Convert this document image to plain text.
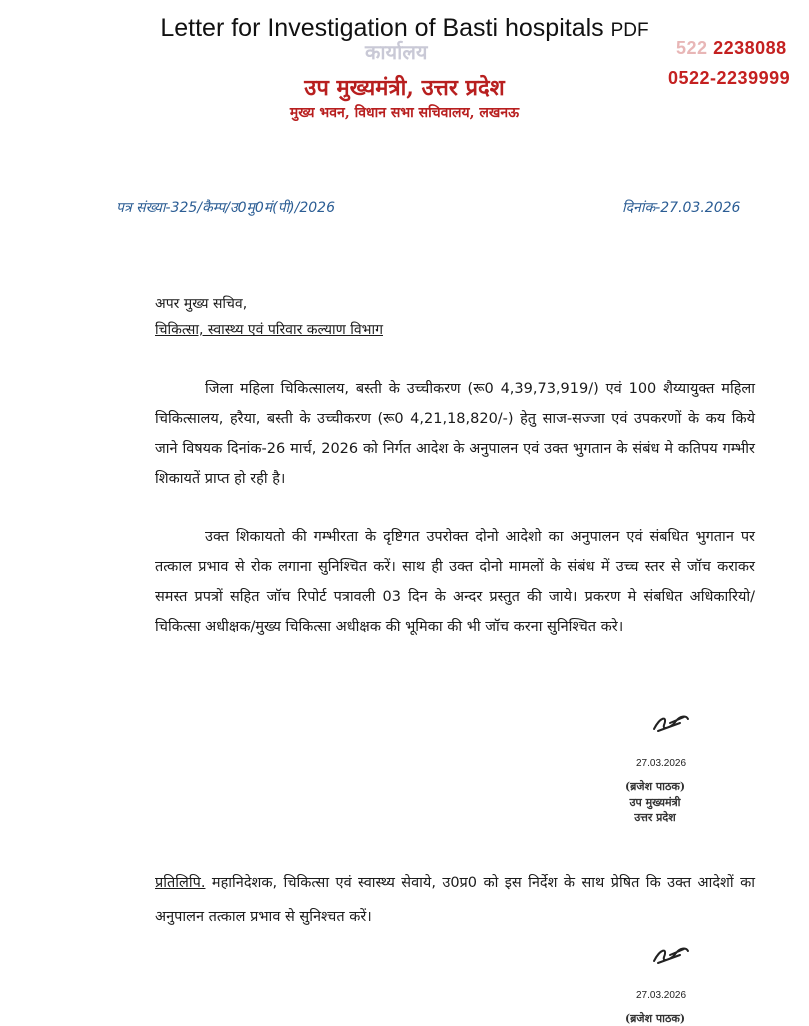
Letter for Investigation of Basti hospitals PDF
कार्यालय	522 2238088
0522-2239999
उप मुख्यमंत्री, उत्तर प्रदेश
मुख्य भवन, विधान सभा सचिवालय, लखनऊ
पत्र संख्या-325/कैम्प/उ0मु0मं(पी)/2026	दिनांक-27.03.2026
अपर मुख्य सचिव,
चिकित्सा, स्वास्थ्य एवं परिवार कल्याण विभाग
जिला महिला चिकित्सालय, बस्ती के उच्चीकरण (रू0 4,39,73,919/) एवं 100 शैय्यायुक्त महिला चिकित्सालय, हरैया, बस्ती के उच्चीकरण (रू0 4,21,18,820/-) हेतु साज-सज्जा एवं उपकरणों के कय किये जाने विषयक दिनांक-26 मार्च, 2026 को निर्गत आदेश के अनुपालन एवं उक्त भुगतान के संबंध मे कतिपय गम्भीर शिकायतें प्राप्त हो रही है।
उक्त शिकायतो की गम्भीरता के दृष्टिगत उपरोक्त दोनो आदेशो का अनुपालन एवं संबधित भुगतान पर तत्काल प्रभाव से रोक लगाना सुनिश्चित करें। साथ ही उक्त दोनो मामलों के संबंध में उच्च स्तर से जॉच कराकर समस्त प्रपत्रों सहित जॉच रिपोर्ट पत्रावली 03 दिन के अन्दर प्रस्तुत की जाये। प्रकरण मे संबधित अधिकारियो/चिकित्सा अधीक्षक/मुख्य चिकित्सा अधीक्षक की भूमिका की भी जॉच करना सुनिश्चित करे।
27.03.2026
(ब्रजेश पाठक)
उप मुख्यमंत्री
उत्तर प्रदेश
प्रतिलिपि. महानिदेशक, चिकित्सा एवं स्वास्थ्य सेवाये, उ0प्र0 को इस निर्देश के साथ प्रेषित कि उक्त आदेशों का अनुपालन तत्काल प्रभाव से सुनिश्चत करें।
27.03.2026
(ब्रजेश पाठक)
